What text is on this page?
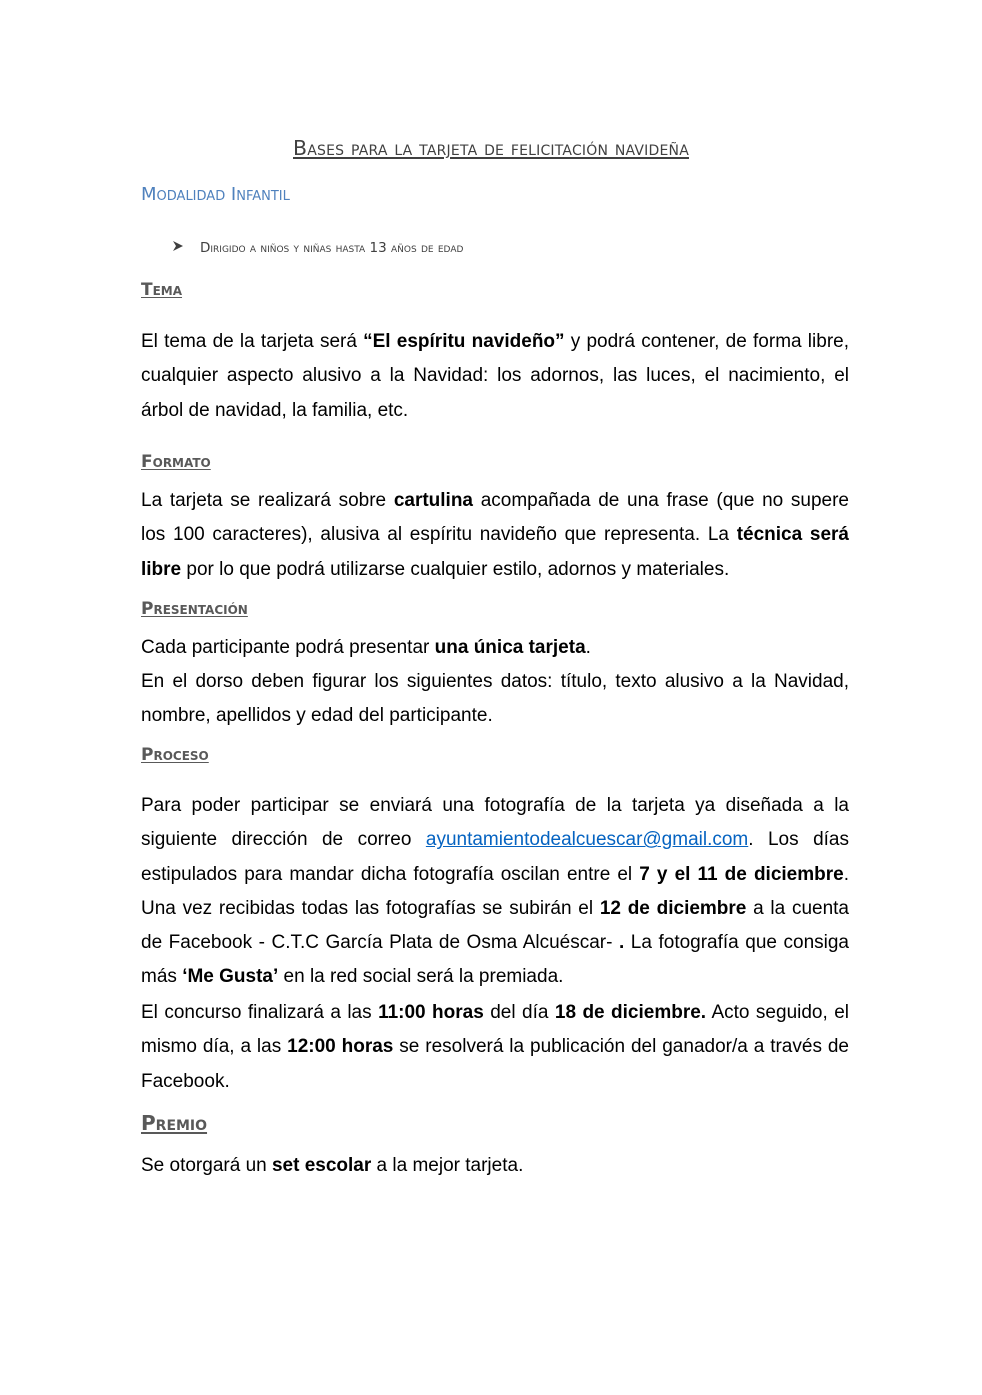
Bases para la tarjeta de felicitación navideña
Modalidad Infantil
Dirigido a niños y niñas hasta 13 años de edad
Tema
El tema de la tarjeta será “El espíritu navideño” y podrá contener, de forma libre, cualquier aspecto alusivo a la Navidad: los adornos, las luces, el nacimiento, el árbol de navidad, la familia, etc.
Formato
La tarjeta se realizará sobre cartulina acompañada de una frase (que no supere los 100 caracteres), alusiva al espíritu navideño que representa. La técnica será libre por lo que podrá utilizarse cualquier estilo, adornos y materiales.
Presentación
Cada participante podrá presentar una única tarjeta.
En el dorso deben figurar los siguientes datos: título, texto alusivo a la Navidad, nombre, apellidos y edad del participante.
Proceso
Para poder participar se enviará una fotografía de la tarjeta ya diseñada a la siguiente dirección de correo ayuntamientodealcuescar@gmail.com. Los días estipulados para mandar dicha fotografía oscilan entre el 7 y el 11 de diciembre. Una vez recibidas todas las fotografías se subirán el 12 de diciembre a la cuenta de Facebook - C.T.C García Plata de Osma Alcuéscar- . La fotografía que consiga más ‘Me Gusta’ en la red social será la premiada.
El concurso finalizará a las 11:00 horas del día 18 de diciembre. Acto seguido, el mismo día, a las 12:00 horas se resolverá la publicación del ganador/a a través de Facebook.
Premio
Se otorgará un set escolar a la mejor tarjeta.
